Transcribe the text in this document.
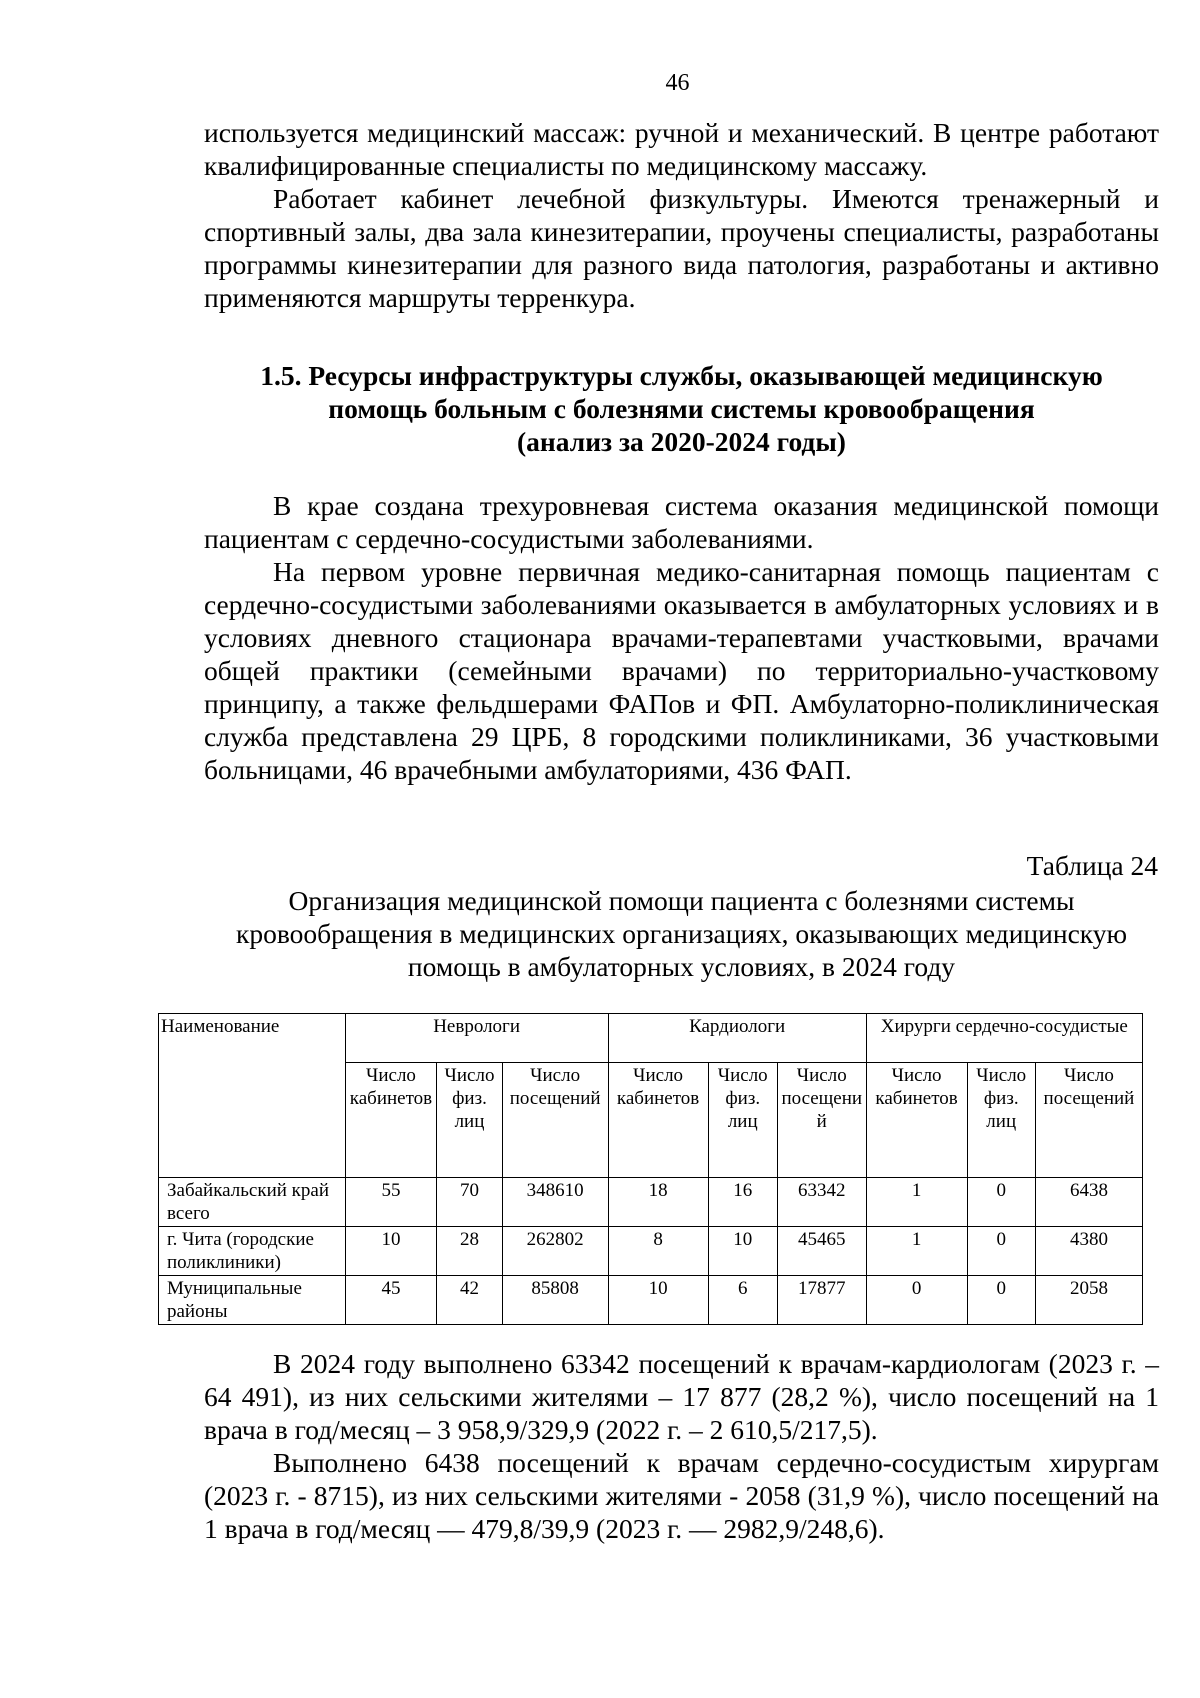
46

используется медицинский массаж: ручной и механический. В центре работают квалифицированные специалисты по медицинскому массажу.

Работает кабинет лечебной физкультуры. Имеются тренажерный и спортивный залы, два зала кинезитерапии, проучены специалисты, разработаны программы кинезитерапии для разного вида патология, разработаны и активно применяются маршруты терренкура.

1.5. Ресурсы инфраструктуры службы, оказывающей медицинскую
помощь больным с болезнями системы кровообращения
(анализ за 2020-2024 годы)

В крае создана трехуровневая система оказания медицинской помощи пациентам с сердечно-сосудистыми заболеваниями.

На первом уровне первичная медико-санитарная помощь пациентам с сердечно-сосудистыми заболеваниями оказывается в амбулаторных условиях и в условиях дневного стационара врачами-терапевтами участковыми, врачами общей практики (семейными врачами) по территориально-участковому принципу, а также фельдшерами ФАПов и ФП. Амбулаторно-поликлиническая служба представлена 29 ЦРБ, 8 городскими поликлиниками, 36 участковыми больницами, 46 врачебными амбулаториями, 436 ФАП.

Таблица 24
Организация медицинской помощи пациента с болезнями системы
кровообращения в медицинских организациях, оказывающих медицинскую
помощь в амбулаторных условиях, в 2024 году
Наименование	Неврологи			Кардиологи			Хирурги сердечно-сосудистые		
	Число кабинетов	Число физ. лиц	Число посещений	Число кабинетов	Число физ. лиц	Число посещени й	Число кабинетов	Число физ. лиц	Число посещений
Забайкальский край всего	55	70	348610	18	16	63342	1	0	6438
г. Чита (городские поликлиники)	10	28	262802	8	10	45465	1	0	4380
Муниципальные районы	45	42	85808	10	6	17877	0	0	2058

В 2024 году выполнено 63342 посещений к врачам-кардиологам (2023 г. – 64 491), из них сельскими жителями – 17 877 (28,2 %), число посещений на 1 врача в год/месяц – 3 958,9/329,9 (2022 г. – 2 610,5/217,5).

Выполнено 6438 посещений к врачам сердечно-сосудистым хирургам (2023 г. - 8715), из них сельскими жителями - 2058 (31,9 %), число посещений на 1 врача в год/месяц — 479,8/39,9 (2023 г. — 2982,9/248,6).
